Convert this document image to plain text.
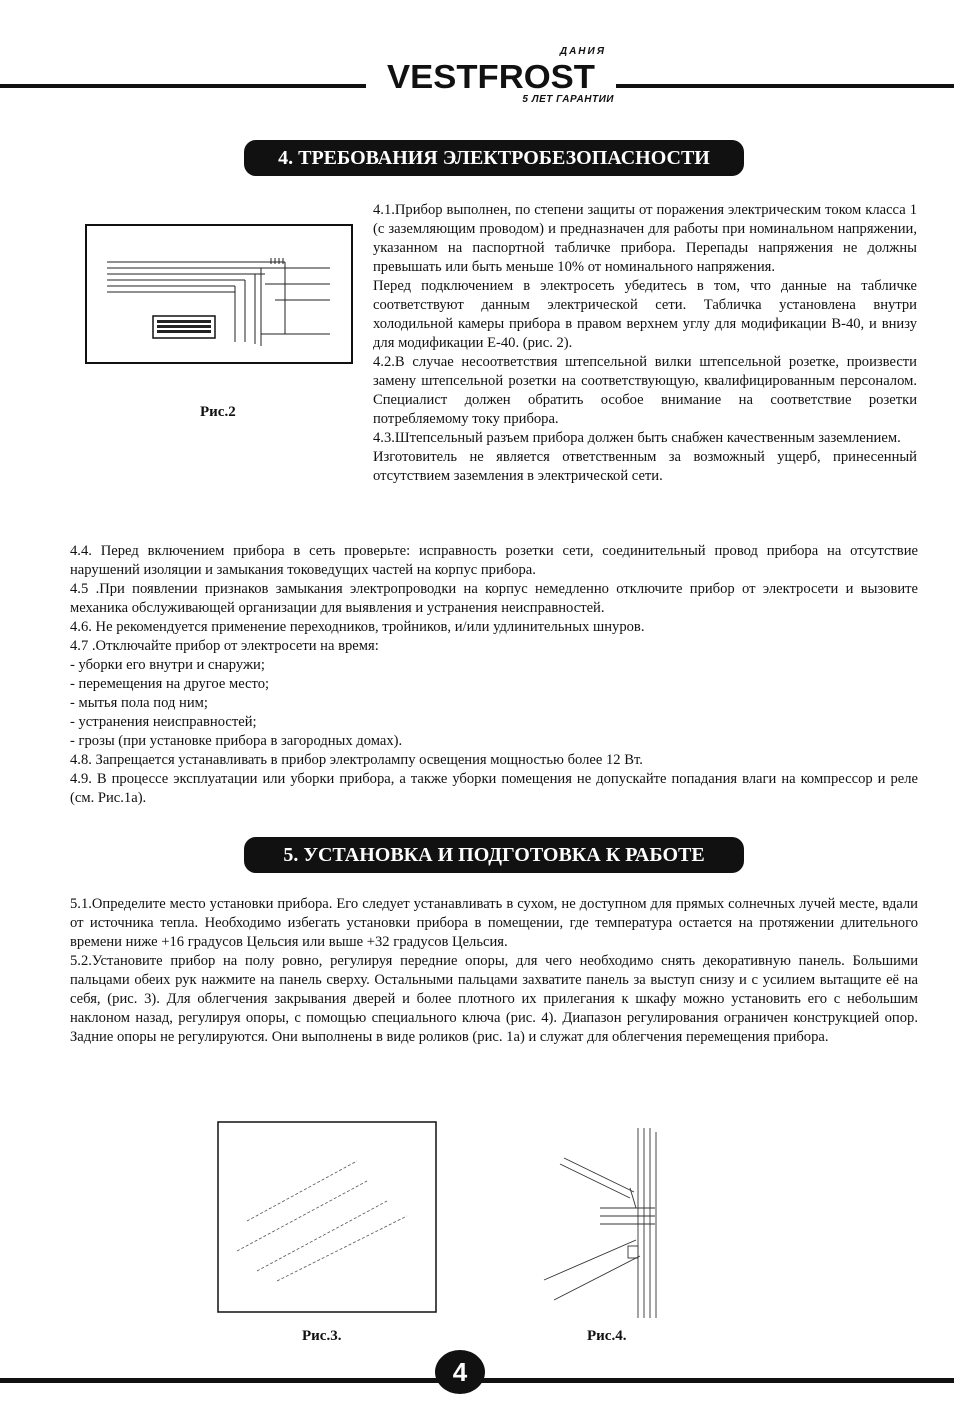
ДАНИЯ
VESTFROST
5 ЛЕТ ГАРАНТИИ
4. ТРЕБОВАНИЯ ЭЛЕКТРОБЕЗОПАСНОСТИ
Рис.2

4.1.Прибор выполнен, по степени защиты от поражения электрическим током класса 1 (с заземляющим проводом) и предназначен для работы при номинальном напряжении, указанном на паспортной табличке прибора. Перепады напряжения не должны превышать или быть меньше 10% от номинального напряжения.

Перед подключением в электросеть убедитесь в том, что данные на табличке соответствуют данным электрической сети. Табличка установлена внутри холодильной камеры прибора в правом верхнем углу для модификации В-40, и внизу для модификации Е-40. (рис. 2).

4.2.В случае несоответствия штепсельной вилки штепсельной розетке, произвести замену штепсельной розетки на соответствующую, квалифицированным персоналом. Специалист должен обратить особое внимание на соответствие розетки потребляемому току прибора.

4.3.Штепсельный разъем прибора должен быть снабжен качественным заземлением.

Изготовитель не является ответственным за возможный ущерб, принесенный отсутствием заземления в электрической сети.

4.4. Перед включением прибора в сеть проверьте: исправность розетки сети, соединительный провод прибора на отсутствие нарушений изоляции и замыкания токоведущих частей на корпус прибора.

4.5 .При появлении признаков замыкания электропроводки на корпус немедленно отключите прибор от электросети и вызовите механика обслуживающей организации для выявления и устранения неисправностей.

4.6. Не рекомендуется применение переходников, тройников, и/или удлинительных шнуров.

4.7 .Отключайте прибор от электросети на время:

- уборки его внутри и снаружи;

- перемещения на другое место;

- мытья пола под ним;

- устранения неисправностей;

- грозы (при установке прибора в загородных домах).

4.8. Запрещается устанавливать в прибор электролампу освещения мощностью более 12 Вт.

4.9. В процессе эксплуатации или уборки прибора, а также уборки помещения не допускайте попадания влаги на компрессор и реле (см. Рис.1а).

5. УСТАНОВКА И ПОДГОТОВКА К РАБОТЕ

5.1.Определите место установки прибора. Его следует устанавливать в сухом, не доступном для прямых солнечных лучей месте, вдали от источника тепла. Необходимо избегать установки прибора в помещении, где температура остается на протяжении длительного времени ниже +16 градусов Цельсия или выше +32 градусов Цельсия.

5.2.Установите прибор на полу ровно, регулируя передние опоры, для чего необходимо снять декоративную панель. Большими пальцами обеих рук нажмите на панель сверху. Остальными пальцами захватите панель за выступ снизу и с усилием вытащите её на себя, (рис. 3). Для облегчения закрывания дверей и более плотного их прилегания к шкафу можно установить его с небольшим наклоном назад, регулируя опоры, с помощью специального ключа (рис. 4). Диапазон регулирования ограничен конструкцией опор. Задние опоры не регулируются. Они выполнены в виде роликов (рис. 1а) и служат для облегчения перемещения прибора.

Рис.3.	Рис.4.
4
